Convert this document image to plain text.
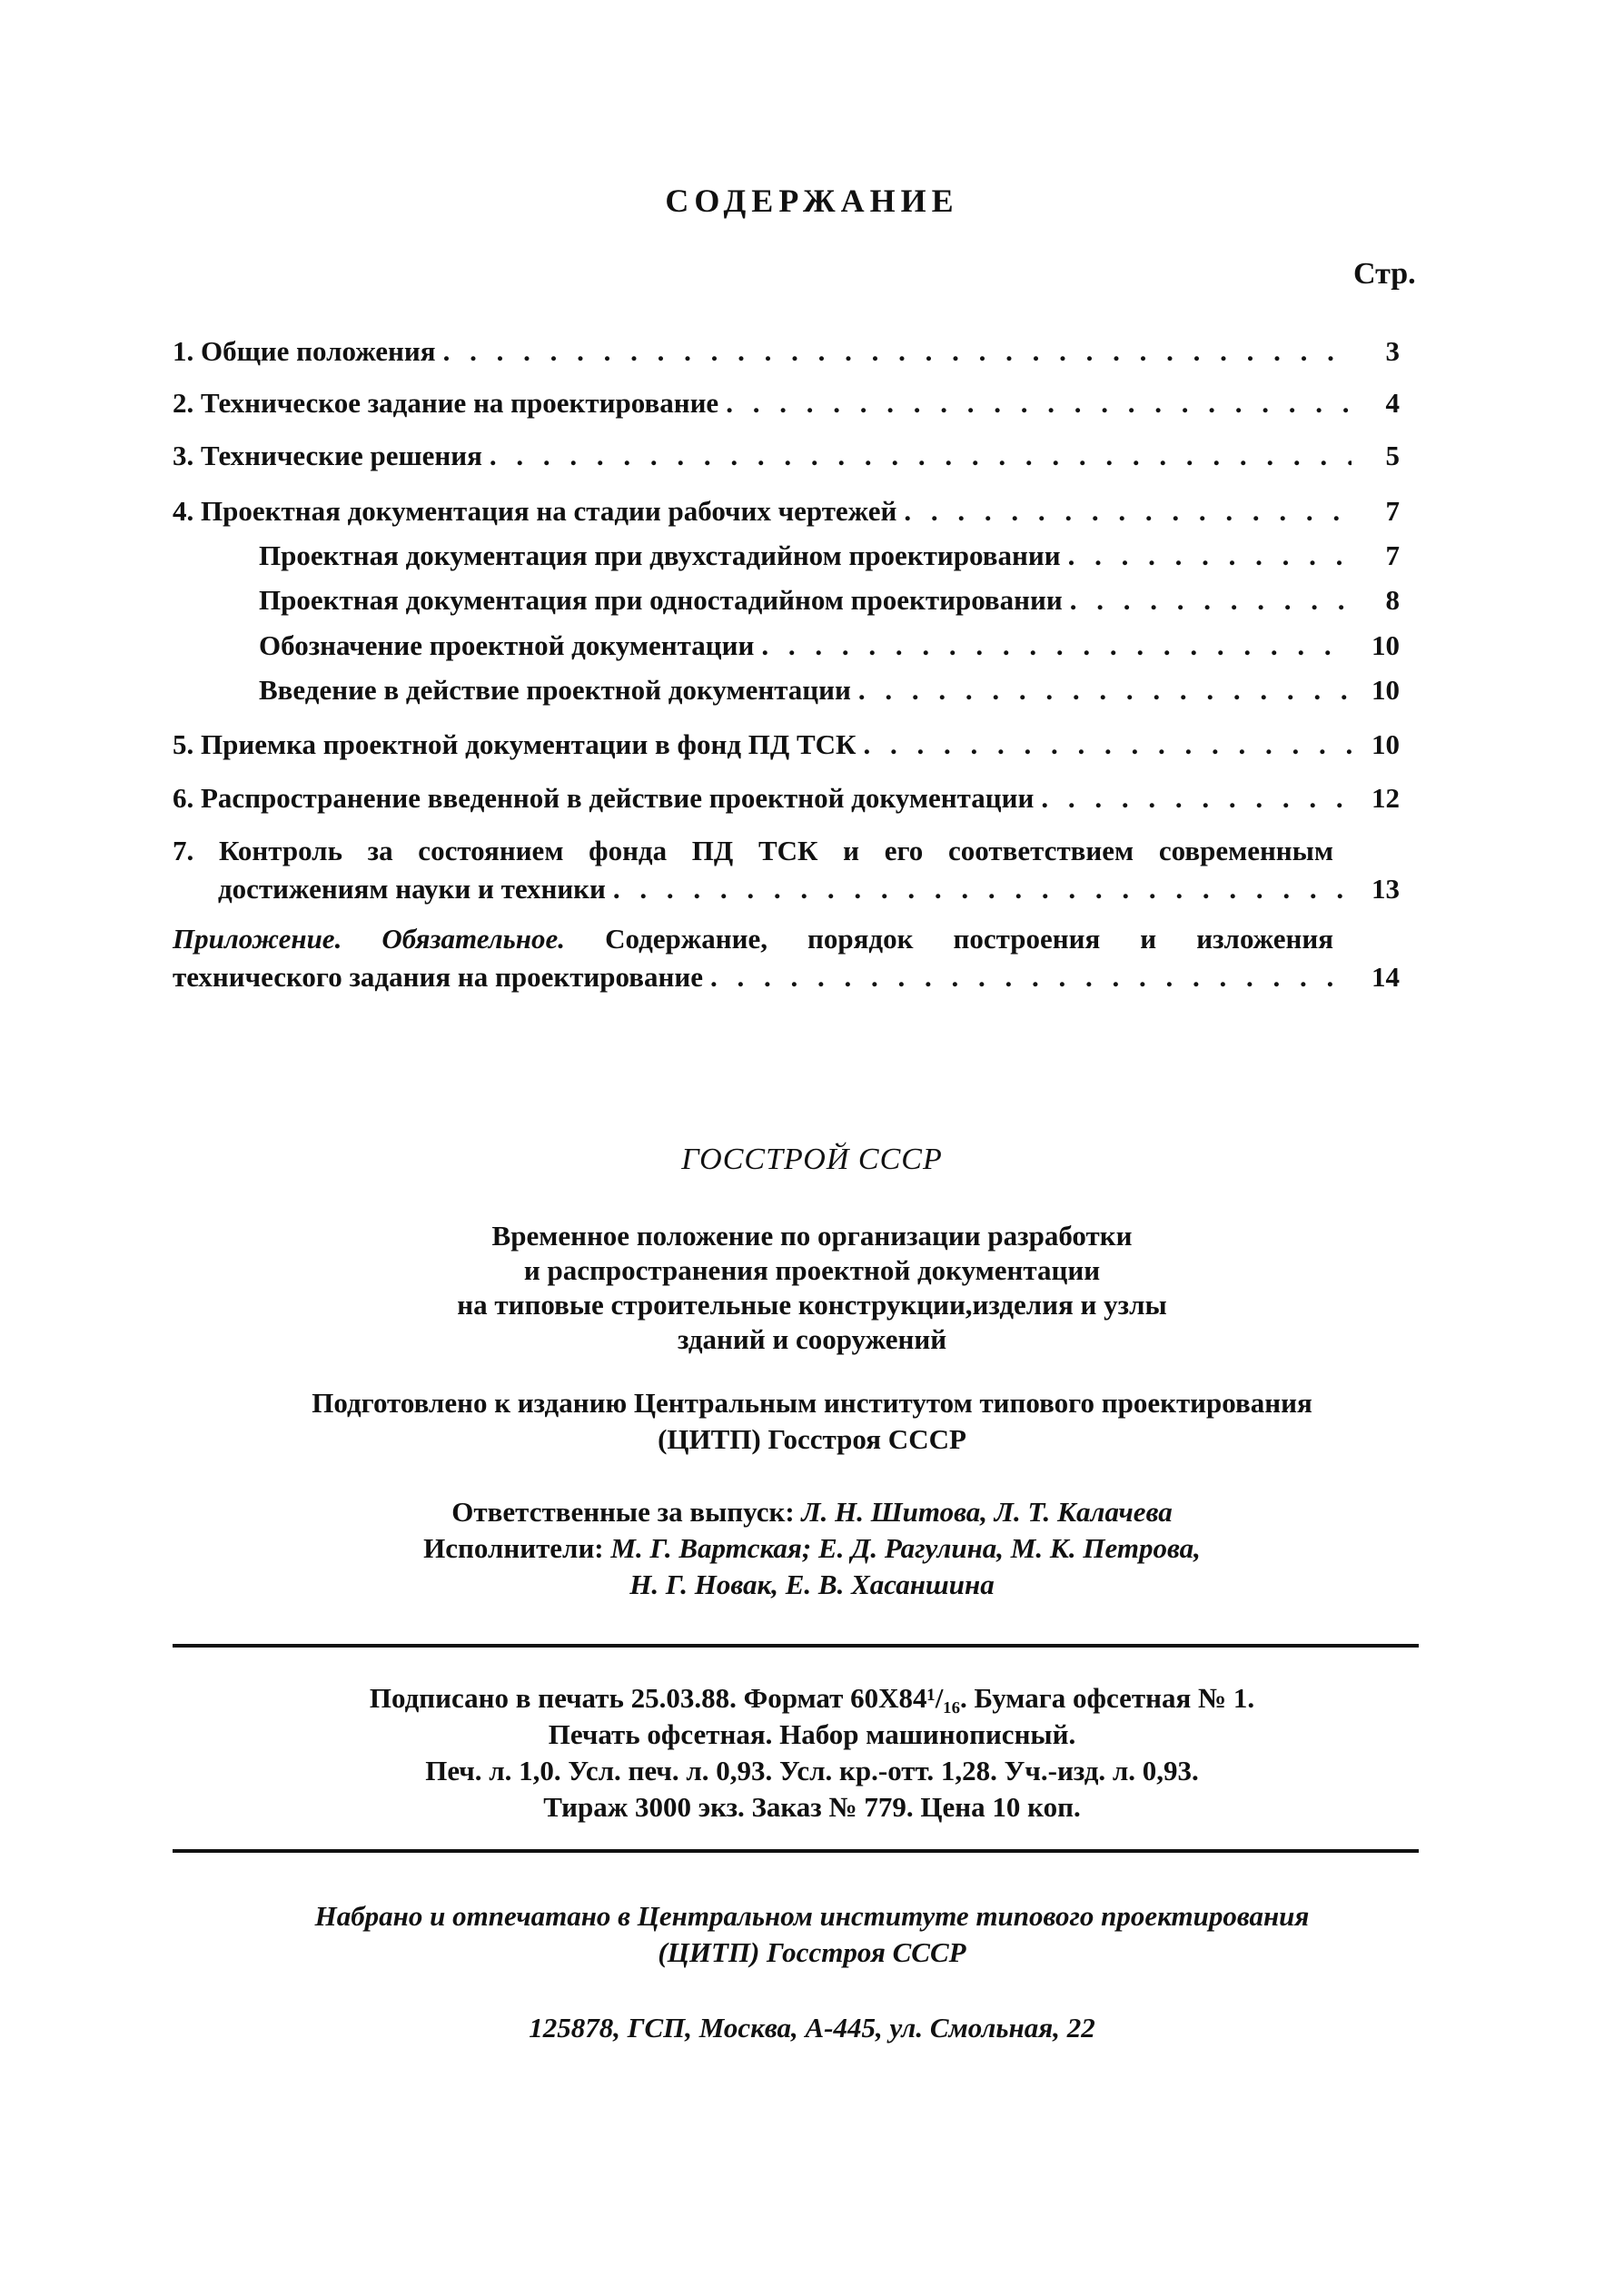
СОДЕРЖАНИЕ
Стр.
1. Общие положения . . .	3
2. Техническое задание на проектирование . . .	4
3. Технические решения . . .	5
4. Проектная документация на стадии рабочих чертежей . . .	7
Проектная документация при двухстадийном проектировании . . .	7
Проектная документация при одностадийном проектировании . . .	8
Обозначение проектной документации . . .	10
Введение в действие проектной документации . . .	10
5. Приемка проектной документации в фонд ПД ТСК . . .	10
6. Распространение введенной в действие проектной документации . . .	12
7. Контроль за состоянием фонда ПД ТСК и его соответствием современным
достижениям науки и техники . . .	13
Приложение. Обязательное. Содержание, порядок построения и изложения
технического задания на проектирование . . .	14
ГОССТРОЙ СССР
Временное положение по организации разработки
и распространения проектной документации
на типовые строительные конструкции,изделия и узлы
зданий и сооружений
Подготовлено к изданию Центральным институтом типового проектирования
(ЦИТП) Госстроя СССР
Ответственные за выпуск: Л. Н. Шитова, Л. Т. Калачева
Исполнители: М. Г. Вартская; Е. Д. Рагулина, М. К. Петрова,
Н. Г. Новак, Е. В. Хасаншина
Подписано в печать 25.03.88. Формат 60Х84¹/₁₆. Бумага офсетная № 1.
Печать офсетная. Набор машинописный.
Печ. л. 1,0. Усл. печ. л. 0,93. Усл. кр.-отт. 1,28. Уч.-изд. л. 0,93.
Тираж 3000 экз. Заказ № 779. Цена 10 коп.
Набрано и отпечатано в Центральном институте типового проектирования
(ЦИТП) Госстроя СССР
125878, ГСП, Москва, А-445, ул. Смольная, 22
